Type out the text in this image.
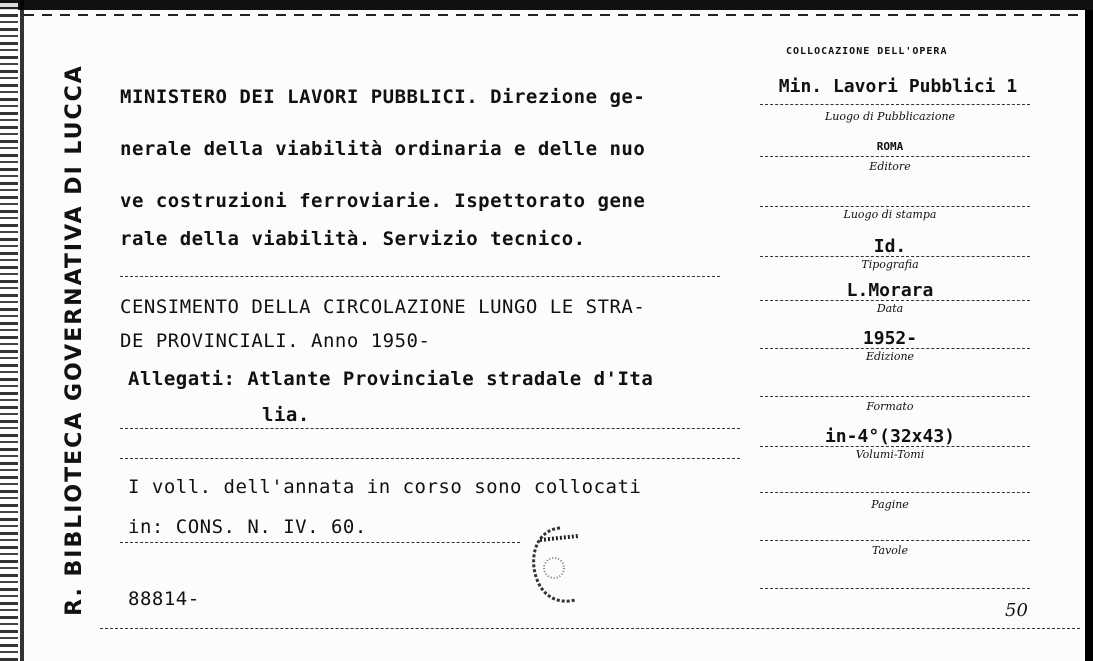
R. BIBLIOTECA GOVERNATIVA DI LUCCA MINISTERO DEI LAVORI PUBBLICI. Direzione ge-
nerale della viabilità ordinaria e delle nuo
ve costruzioni ferroviarie. Ispettorato gene
rale della viabilità. Servizio tecnico.
CENSIMENTO DELLA CIRCOLAZIONE LUNGO LE STRA-
DE PROVINCIALI. Anno 1950-
Allegati: Atlante Provinciale stradale d'Ita
lia.
I voll. dell'annata in corso sono collocati
in: CONS. N. IV. 60.
88814-
COLLOCAZIONE DELL'OPERA
Min. Lavori Pubblici 1
Luogo di Pubblicazione
ROMA
Editore
Luogo di stampa
Id.
Tipografia
L.Morara
Data
1952-
Edizione
Formato
in-4°(32x43)
Volumi-Tomi
Pagine
Tavole
50
